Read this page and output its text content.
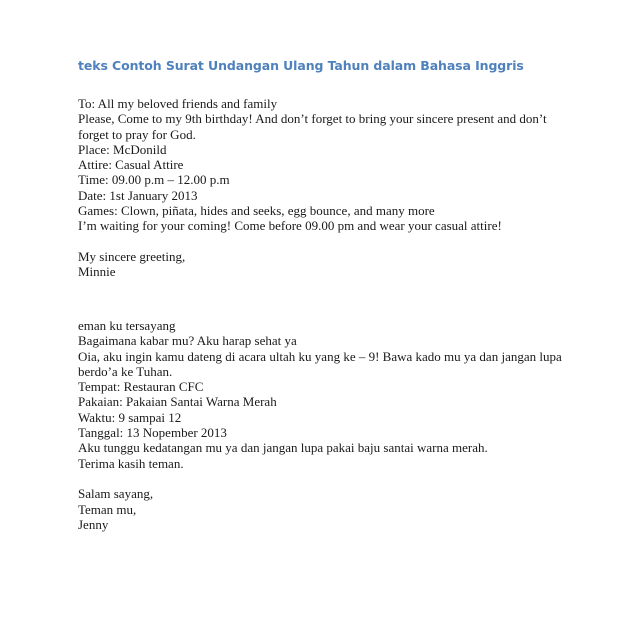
teks Contoh Surat Undangan Ulang Tahun dalam Bahasa Inggris
To: All my beloved friends and family
Please, Come to my 9th birthday! And don’t forget to bring your sincere present and don’t
forget to pray for God.
Place: McDonild
Attire: Casual Attire
Time: 09.00 p.m – 12.00 p.m
Date: 1st January 2013
Games: Clown, piñata, hides and seeks, egg bounce, and many more
I’m waiting for your coming! Come before 09.00 pm and wear your casual attire!
My sincere greeting,
Minnie
eman ku tersayang
Bagaimana kabar mu? Aku harap sehat ya
Oia, aku ingin kamu dateng di acara ultah ku yang ke – 9! Bawa kado mu ya dan jangan lupa
berdo’a ke Tuhan.
Tempat: Restauran CFC
Pakaian: Pakaian Santai Warna Merah
Waktu: 9 sampai 12
Tanggal: 13 Nopember 2013
Aku tunggu kedatangan mu ya dan jangan lupa pakai baju santai warna merah.
Terima kasih teman.
Salam sayang,
Teman mu,
Jenny
